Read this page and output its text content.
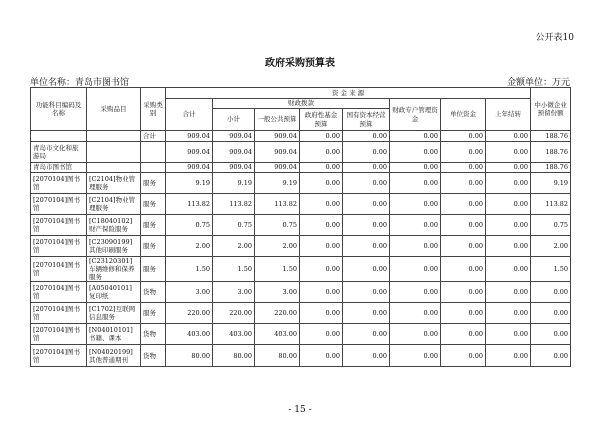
公开表10
政府采购预算表
单位名称：青岛市图书馆	金额单位：万元
功能科目编码及名称	采购品目	采购类别	资 金 来 源								中小微企业预留份额
			合计	财政拨款				财政专户管理资金	单位资金	上年结转	
				小计	一般公共预算	政府性基金预算	国有资本经营预算				
		合计	909.04	909.04	909.04	0.00	0.00	0.00	0.00	0.00	188.76
青岛市文化和旅游局			909.04	909.04	909.04	0.00	0.00	0.00	0.00	0.00	188.76
青岛市图书馆			909.04	909.04	909.04	0.00	0.00	0.00	0.00	0.00	188.76
[2070104]图书馆	[C2104]物业管理服务	服务	9.19	9.19	9.19	0.00	0.00	0.00	0.00	0.00	9.19
[2070104]图书馆	[C2104]物业管理服务	服务	113.82	113.82	113.82	0.00	0.00	0.00	0.00	0.00	113.82
[2070104]图书馆	[C18040102]财产保险服务	服务	0.75	0.75	0.75	0.00	0.00	0.00	0.00	0.00	0.75
[2070104]图书馆	[C23090199]其他印刷服务	服务	2.00	2.00	2.00	0.00	0.00	0.00	0.00	0.00	2.00
[2070104]图书馆	[C23120301]车辆维修和保养服务	服务	1.50	1.50	1.50	0.00	0.00	0.00	0.00	0.00	1.50
[2070104]图书馆	[A05040101]复印纸	货物	3.00	3.00	3.00	0.00	0.00	0.00	0.00	0.00	0.00
[2070104]图书馆	[C1702]互联网信息服务	服务	220.00	220.00	220.00	0.00	0.00	0.00	0.00	0.00	0.00
[2070104]图书馆	[N04010101]书籍、课本	货物	403.00	403.00	403.00	0.00	0.00	0.00	0.00	0.00	0.00
[2070104]图书馆	[N04020199]其他普通期刊	货物	80.00	80.00	80.00	0.00	0.00	0.00	0.00	0.00	0.00
- 15 -
